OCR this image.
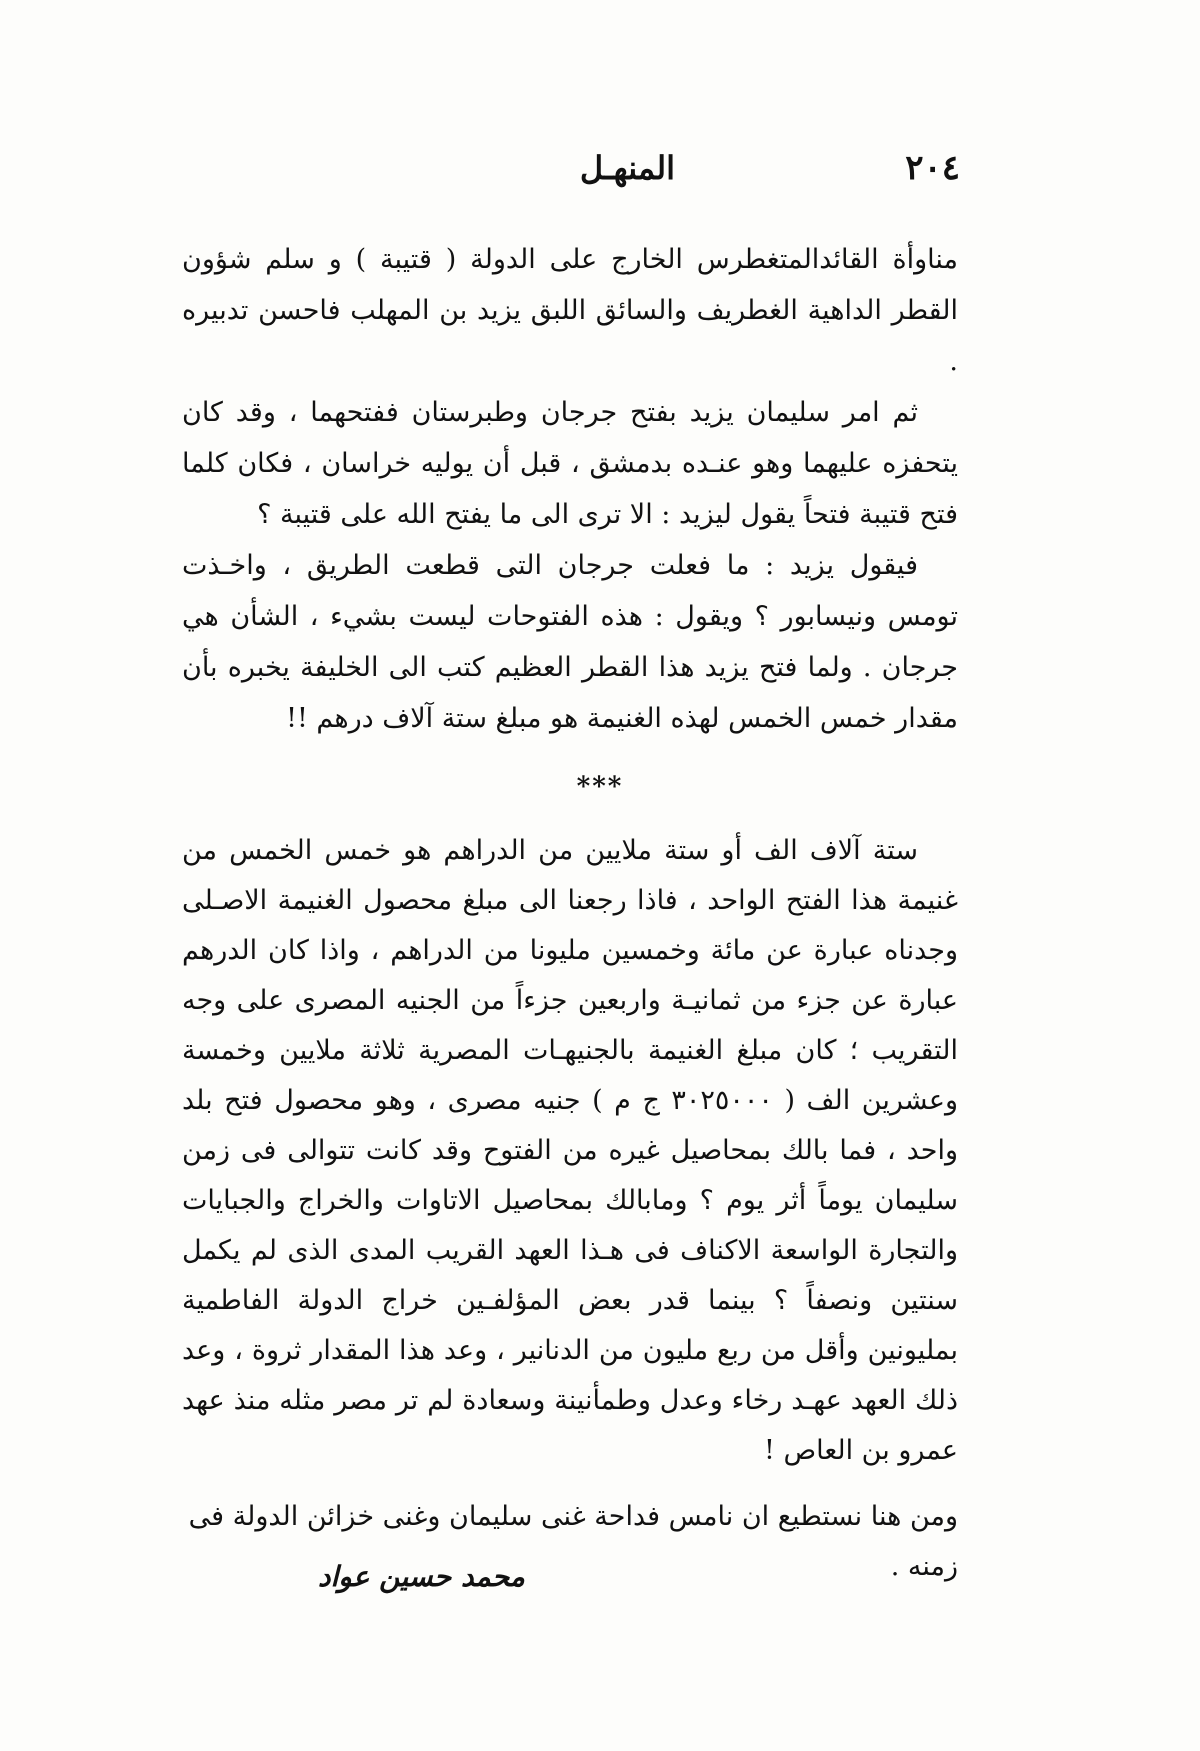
٢٠٤
المنهـل

مناوأة القائدالمتغطرس الخارج على الدولة ( قتيبة ) و سلم شؤون القطر الداهية الغطريف والسائق اللبق يزيد بن المهلب فاحسن تدبيره .

ثم امر سليمان يزيد بفتح جرجان وطبرستان ففتحهما ، وقد كان يتحفزه عليهما وهو عنـده بدمشق ، قبل أن يوليه خراسان ، فكان كلما فتح قتيبة فتحاً يقول ليزيد : الا ترى الى ما يفتح الله على قتيبة ؟

فيقول يزيد : ما فعلت جرجان التى قطعت الطريق ، واخـذت تومس ونيسابور ؟ ويقول : هذه الفتوحات ليست بشيء ، الشأن هي جرجان . ولما فتح يزيد هذا القطر العظيم كتب الى الخليفة يخبره بأن مقدار خمس الخمس لهذه الغنيمة هو مبلغ ستة آلاف درهم !!

***

ستة آلاف الف أو ستة ملايين من الدراهم هو خمس الخمس من غنيمة هذا الفتح الواحد ، فاذا رجعنا الى مبلغ محصول الغنيمة الاصـلى وجدناه عبارة عن مائة وخمسين مليونا من الدراهم ، واذا كان الدرهم عبارة عن جزء من ثمانيـة واربعين جزءاً من الجنيه المصرى على وجه التقريب ؛ كان مبلغ الغنيمة بالجنيهـات المصرية ثلاثة ملايين وخمسة وعشرين الف ( ٣٠٢٥٠٠٠ ج م ) جنيه مصرى ، وهو محصول فتح بلد واحد ، فما بالك بمحاصيل غيره من الفتوح وقد كانت تتوالى فى زمن سليمان يوماً أثر يوم ؟ ومابالك بمحاصيل الاتاوات والخراج والجبايات والتجارة الواسعة الاكناف فى هـذا العهد القريب المدى الذى لم يكمل سنتين ونصفاً ؟ بينما قدر بعض المؤلفـين خراج الدولة الفاطمية بمليونين وأقل من ربع مليون من الدنانير ، وعد هذا المقدار ثروة ، وعد ذلك العهد عهـد رخاء وعدل وطمأنينة وسعادة لم تر مصر مثله منذ عهد عمرو بن العاص !

ومن هنا نستطيع ان نامس فداحة غنى سليمان وغنى خزائن الدولة فى زمنه .
محمد حسين عواد
